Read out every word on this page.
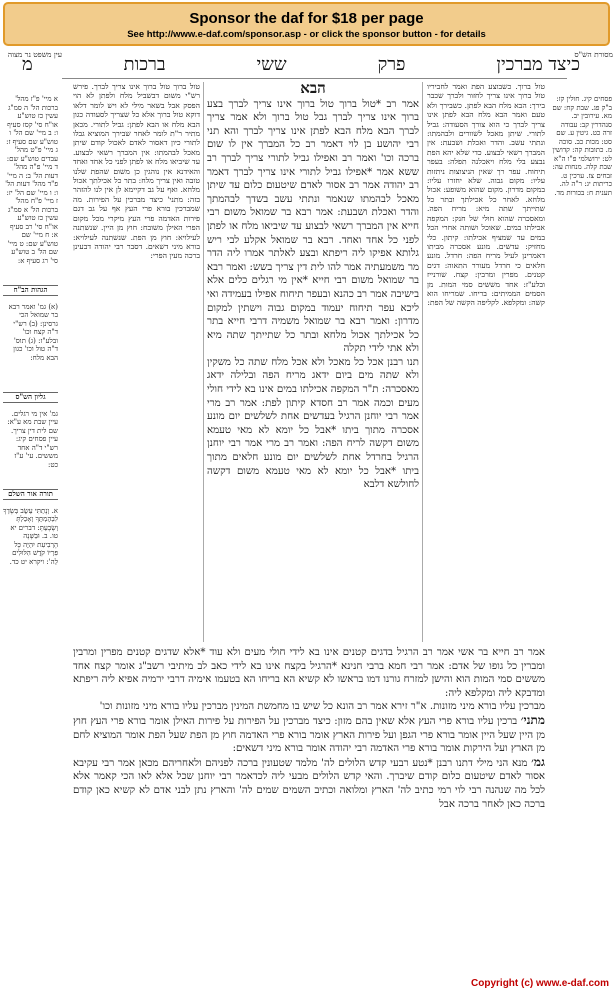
Sponsor the daf for $18 per page
See http://www.e-daf.com/sponsor.asp - or click the sponsor button - for details
מסורת הש"ס
עין משפט נר מצוה	כיצד מברכין
פרק
ששי
ברכות
מ

פסחים קיג. חולין קז: ב"ק פג. שבת קח: שם מא. עירובין יב. סנהדרין קב: עבודה זרה כט. גיטין ע. שם סט: מכות כב. סוכה מ. כתובות קה: קדושין לט: ירושלמי פ"ו ה"א שבת קלה. מנחות עה: זבחים צז. ערכין ט. כריתות יג: ר"ה לה. תענית ח: בכורות מד.

טול ברוך. כשבוצע הפת ואמר לחביריו טול ברוך אינו צריך לחזור ולברך שכבר בירך: הבא מלח הבא לפתן. כשבירך ולא טעם ואמר הבא מלח הבא לפתן אינו צריך לברך כי הוא צורך הסעודה: גביל לתורי. שיתן מאכל לשוורים ולבהמתו: ונתתי עשב. והדר ואכלת ושבעת: אין המברך רשאי לבצוע. כדי שלא יהא הפת נבצע בלי מלח ויאכלנה תפלה: בעפר תיחוח. עפר רך שאין הניצוצות ניתזות עליו: מקום גבוה. שלא יחזרו עליו: במקום מדרון. מקום שהוא משופע: אכול מלחא. לאחר כל אכילתך ובתר כל שתייתך שתה מיא: מריח הפה. ומאסכרה שהוא חולי של חנק: המקפה אכילתו במים. שאוכל ושותה אחרי הכל במים עד שמציף אכילתו: קיתון. כלי מחזיק: עדשים. מונע אסכרה מביתו דאמרינן לעיל מריח הפה: חרדל. מונע חלאים כי חרדל מעורר התאוה: דגים קטנים. מפרין ומרבין: קצח. שורנייז ובלע"ז: אחד מששים סמי המות. מן הסמים הממיתים: בריחו. שמריחו הוא קשה: ומקלפא. לקליפה הקשה של הפת:

הבא

אמר רב *טול ברוך טול ברוך אינו צריך לברך בצע ברוך אינו צריך לברך גבל טול ברוך ולא אמר צריך לברך הבא מלח הבא לפתן אינו צריך לברך והא תני רבי יהושע בן לוי דאמר רב כל המברך אין לו שום ברכה וכו' ואמר רב ואפילו גביל לתורי צריך לברך רב ששא אמר *אפילו גביל לתורי אינו צריך לברך דאמר רב יהודה אמר רב אסור לאדם שיטעום כלום עד שיתן מאכל לבהמתו שנאמר ונתתי עשב בשדך לבהמתך והדר ואכלת ושבעת: אמר רבא בר שמואל משום רבי חייא אין המברך רשאי לבצוע עד שיביאו מלח או לפתן לפני כל אחד ואחד. רבא בר שמואל אקלע לבי ריש גלותא אפיקו ליה ריפתא ובצע לאלתר אמרו ליה הדר מר משמעתיה אמר להו לית דין צריך בשש: ואמר רבא בר שמואל משום רבי חייא *אין מי רגלים כלים אלא בישיבה אמר רב כהנא ובעפר תיחוח אפילו בעמידה ואי ליכא עפר תיחוח יעמוד במקום גבוה וישתין למקום מדרון: ואמר רבא בר שמואל משמיה דרבי חייא בתר כל אכילתך אכול מלחא ובתר כל שתייתך שתה מיא ולא אתי לידי תקלה

תנו רבנן אכל כל מאכל ולא אכל מלח שתה כל משקין ולא שתה מים ביום ידאג מריח הפה ובלילה ידאג מאסכרה: ת"ר המקפה אכילתו במים אינו בא לידי חולי מעים וכמה אמר רב חסדא קיתון לפת: אמר רב מרי אמר רבי יוחנן הרגיל בעדשים אחת לשלשים יום מונע אסכרה מתוך ביתו *אבל כל יומא לא מאי טעמא משום דקשה לריח הפה: ואמר רב מרי אמר רבי יוחנן הרגיל בחרדל אחת לשלשים יום מונע חלאים מתוך ביתו *אבל כל יומא לא מאי טעמא משום דקשה לחולשא דלבא

טול ברוך טול ברוך אינו צריך לברך. פירש רש"י משום דבשביל מלח ולפתן לא הוי הפסק אבל בשאר מילי לא ויש לומר דלאו דוקא טול ברוך אלא כל שצריך לסעודה כגון הבא מלח או הבא לפתן: גביל לתורי. מכאן מתיר ר"ת לומר לאחר שבירך המוציא גבלו לתורי כיון דאסור לאדם לאכול קודם שיתן מאכל לבהמתו: אין המברך רשאי לבצוע. עד שיביאו מלח או לפתן לפני כל אחד ואחד והאידנא אין נוהגין כן משום שהפת שלנו טובה ואין צריך מלח: בתר כל אכילתך אכול מלחא. ואף על גב דקיימא לן אין לנו להזהר בזה: מתני' כיצד מברכין על הפירות. מה שמברכין בורא פרי העץ אף על גב דגם פירות האדמה פרי העץ מיקרי מכל מקום הפרי האילן משובח: חוץ מן היין. שנשתנה לעילויא: חוץ מן הפת. שנשתנה לעילויא: בורא מיני דשאים. דסבר רבי יהודה דבעינן ברכה מעין הפרי:

אמר רב חייא בר אשי אמר רב הרגיל בדגים קטנים אינו בא לידי חולי מעים ולא עוד *אלא שדגים קטנים מפרין ומרבין ומברין כל גופו של אדם: אמר רבי חמא ברבי חנינא *הרגיל בקצח אינו בא לידי כאב לב מיתיבי רשב"ג אומר קצח אחד מששים סמי המות הוא והישן למזרח גורנו דמו בראשו לא קשיא הא בריחו הא בטעמו אימיה דרבי ירמיה אפיא ליה ריפתא ומדבקא ליה ומקלפא ליה:

מברכין עליו בורא מיני מזונות. א"ר זירא אמר רב הונא כל שיש בו מחמשת המינין מברכין עליו בורא מיני מזונות וכו'

מתני׳ ברכין עליו בורא פרי העץ אלא שאין בהם מזון: כיצד מברכין על הפירות על פירות האילן אומר בורא פרי העץ חוץ מן היין שעל היין אומר בורא פרי הגפן ועל פירות הארץ אומר בורא פרי האדמה חוץ מן הפת שעל הפת אומר המוציא לחם מן הארץ ועל הירקות אומר בורא פרי האדמה רבי יהודה אומר בורא מיני דשאים:

גמ׳ מנא הני מילי דתנו רבנן *נטע רבעי קדש הלולים לה' מלמד שטעונין ברכה לפניהם ולאחריהם מכאן אמר רבי עקיבא אסור לאדם שיטעום כלום קודם שיברך. והאי קדש הלולים מבעי ליה לכדאמר רבי יוחנן שכל אלא לאו הכי קאמר אלא לכל מה שנהנה רבי לוי רמי כתיב לה' הארץ ומלואה וכתיב השמים שמים לה' והארץ נתן לבני אדם לא קשיא כאן קודם ברכה כאן לאחר ברכה אבל

א מיי' פ"ז מהל' ברכות הל' ה סמ"ג עשין כז טוש"ע או"ח סי' קסז סעיף ו: ב מיי' שם הל' ו טוש"ע שם סעיף ז: ג מיי' פ"ט מהל' עבדים טוש"ע שם: ד מיי' פ"ה מהל' דעות הל' ב: ה מיי' פ"ד מהל' דעות הל' ו: ו מיי' שם הל' יז: ז מיי' פ"ח מהל' ברכות הל' א סמ"ג עשין כז טוש"ע או"ח סי' רב סעיף א: ח מיי' שם טוש"ע שם: ט מיי' שם הל' ב טוש"ע סי' רג סעיף א:

הגהות הב"ח

(א) גמ' ואמר רבא בר שמואל הכי גרסינן: (ב) רש"י ד"ה קצח וכו' ובלע"ז: (ג) תוס' ד"ה טול וכו' כגון הבא מלח:

גליון הש"ס

גמ' אין מי רגלים. עיין שבת מא ע"א: שם לית דין צריך. עיין פסחים קיג: רש"י ד"ה אחד מששים. עי' ע"ז כט:

תורה אור השלם

א. וְנָתַתִּי עֵשֶׂב בְּשָׂדְךָ לִבְהֶמְתֶּךָ וְאָכַלְתָּ וְשָׂבָעְתָּ: דברים יא טו. ב. וּבַשָּׁנָה הָרְבִיעִת יִהְיֶה כָּל פִּרְיוֹ קֹדֶשׁ הִלּוּלִים לַה': ויקרא יט כד.

Copyright (c) www.e-daf.com
